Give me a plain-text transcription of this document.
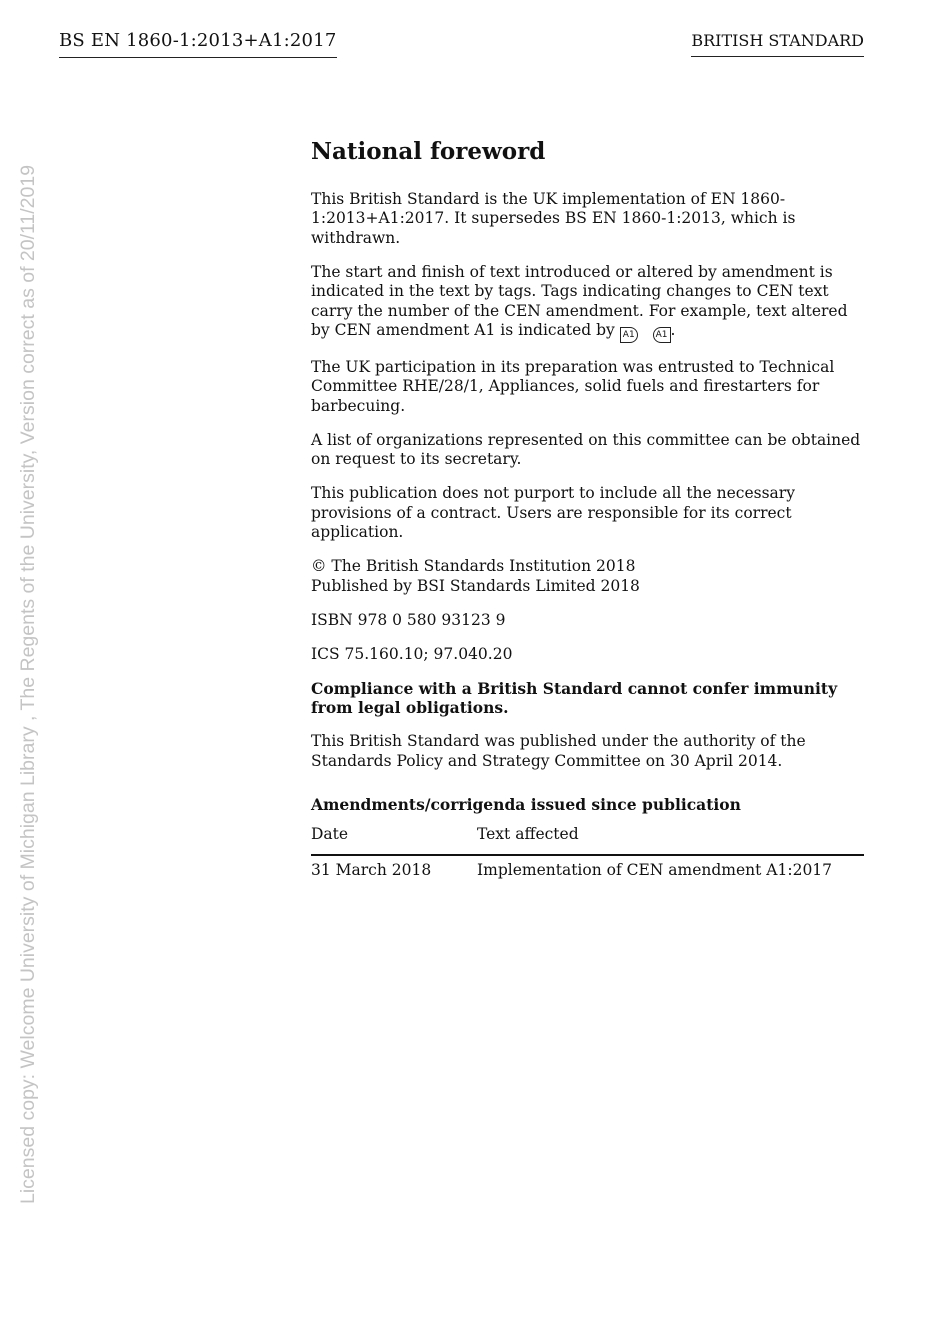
BS EN 1860-1:2013+A1:2017	BRITISH STANDARD
Licensed copy: Welcome University of Michigan Library , The Regents of the University, Version correct as of 20/11/2019
National foreword

This British Standard is the UK implementation of EN 1860-1:2013+A1:2017. It supersedes BS EN 1860-1:2013, which is withdrawn.

The start and finish of text introduced or altered by amendment is indicated in the text by tags. Tags indicating changes to CEN text carry the number of the CEN amendment. For example, text altered by CEN amendment A1 is indicated by A1 A1 .

The UK participation in its preparation was entrusted to Technical Committee RHE/28/1, Appliances, solid fuels and firestarters for barbecuing.

A list of organizations represented on this committee can be obtained on request to its secretary.

This publication does not purport to include all the necessary provisions of a contract. Users are responsible for its correct application.

© The British Standards Institution 2018
Published by BSI Standards Limited 2018

ISBN 978 0 580 93123 9

ICS 75.160.10; 97.040.20

Compliance with a British Standard cannot confer immunity from legal obligations.

This British Standard was published under the authority of the Standards Policy and Strategy Committee on 30 April 2014.

Amendments/corrigenda issued since publication
Date	Text affected
31 March 2018	Implementation of CEN amendment A1:2017
